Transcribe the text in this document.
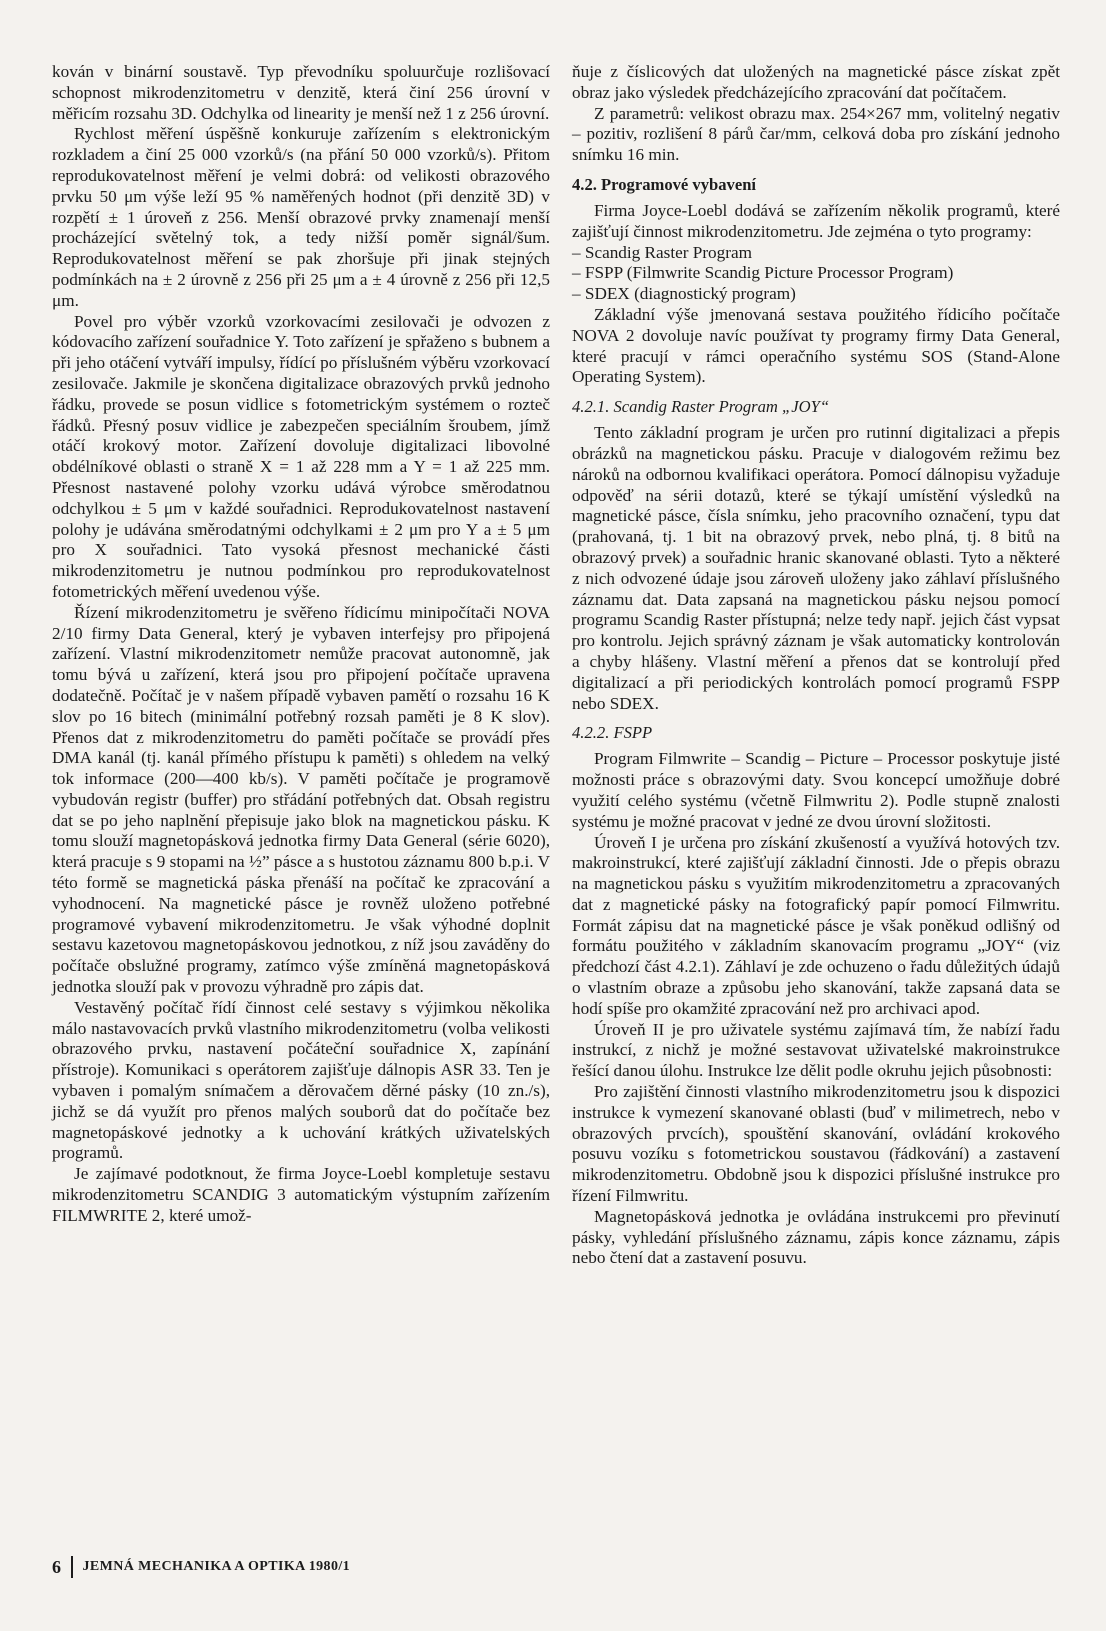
kován v binární soustavě. Typ převodníku spoluurčuje rozlišovací schopnost mikrodenzitometru v denzitě, která činí 256 úrovní v měřicím rozsahu 3D. Odchylka od linearity je menší než 1 z 256 úrovní.

Rychlost měření úspěšně konkuruje zařízením s elektronickým rozkladem a činí 25 000 vzorků/s (na přání 50 000 vzorků/s). Přitom reprodukovatelnost měření je velmi dobrá: od velikosti obrazového prvku 50 μm výše leží 95 % naměřených hodnot (při denzitě 3D) v rozpětí ± 1 úroveň z 256. Menší obrazové prvky znamenají menší procházející světelný tok, a tedy nižší poměr signál/šum. Reprodukovatelnost měření se pak zhoršuje při jinak stejných podmínkách na ± 2 úrovně z 256 při 25 μm a ± 4 úrovně z 256 při 12,5 μm.

Povel pro výběr vzorků vzorkovacími zesilovači je odvozen z kódovacího zařízení souřadnice Y. Toto zařízení je spřaženo s bubnem a při jeho otáčení vytváří impulsy, řídící po příslušném výběru vzorkovací zesilovače. Jakmile je skončena digitalizace obrazových prvků jednoho řádku, provede se posun vidlice s fotometrickým systémem o rozteč řádků. Přesný posuv vidlice je zabezpečen speciálním šroubem, jímž otáčí krokový motor. Zařízení dovoluje digitalizaci libovolné obdélníkové oblasti o straně X = 1 až 228 mm a Y = 1 až 225 mm. Přesnost nastavené polohy vzorku udává výrobce směrodatnou odchylkou ± 5 μm v každé souřadnici. Reprodukovatelnost nastavení polohy je udávána směrodatnými odchylkami ± 2 μm pro Y a ± 5 μm pro X souřadnici. Tato vysoká přesnost mechanické části mikrodenzitometru je nutnou podmínkou pro reprodukovatelnost fotometrických měření uvedenou výše.

Řízení mikrodenzitometru je svěřeno řídicímu minipočítači NOVA 2/10 firmy Data General, který je vybaven interfejsy pro připojená zařízení. Vlastní mikrodenzitometr nemůže pracovat autonomně, jak tomu bývá u zařízení, která jsou pro připojení počítače upravena dodatečně. Počítač je v našem případě vybaven pamětí o rozsahu 16 K slov po 16 bitech (minimální potřebný rozsah paměti je 8 K slov). Přenos dat z mikrodenzitometru do paměti počítače se provádí přes DMA kanál (tj. kanál přímého přístupu k paměti) s ohledem na velký tok informace (200—400 kb/s). V paměti počítače je programově vybudován registr (buffer) pro střádání potřebných dat. Obsah registru dat se po jeho naplnění přepisuje jako blok na magnetickou pásku. K tomu slouží magnetopásková jednotka firmy Data General (série 6020), která pracuje s 9 stopami na ½” pásce a s hustotou záznamu 800 b.p.i. V této formě se magnetická páska přenáší na počítač ke zpracování a vyhodnocení. Na magnetické pásce je rovněž uloženo potřebné programové vybavení mikrodenzitometru. Je však výhodné doplnit sestavu kazetovou magnetopáskovou jednotkou, z níž jsou zaváděny do počítače obslužné programy, zatímco výše zmíněná magnetopásková jednotka slouží pak v provozu výhradně pro zápis dat.

Vestavěný počítač řídí činnost celé sestavy s výjimkou několika málo nastavovacích prvků vlastního mikrodenzitometru (volba velikosti obrazového prvku, nastavení počáteční souřadnice X, zapínání přístroje). Komunikaci s operátorem zajišťuje dálnopis ASR 33. Ten je vybaven i pomalým snímačem a děrovačem děrné pásky (10 zn./s), jichž se dá využít pro přenos malých souborů dat do počítače bez magnetopáskové jednotky a k uchování krátkých uživatelských programů.

Je zajímavé podotknout, že firma Joyce-Loebl kompletuje sestavu mikrodenzitometru SCANDIG 3 automatickým výstupním zařízením FILMWRITE 2, které umož-

ňuje z číslicových dat uložených na magnetické pásce získat zpět obraz jako výsledek předcházejícího zpracování dat počítačem.

Z parametrů: velikost obrazu max. 254×267 mm, volitelný negativ – pozitiv, rozlišení 8 párů čar/mm, celková doba pro získání jednoho snímku 16 min.

4.2. Programové vybavení

Firma Joyce-Loebl dodává se zařízením několik programů, které zajišťují činnost mikrodenzitometru. Jde zejména o tyto programy:

– Scandig Raster Program
– FSPP (Filmwrite Scandig Picture Processor Program)
– SDEX (diagnostický program)

Základní výše jmenovaná sestava použitého řídicího počítače NOVA 2 dovoluje navíc používat ty programy firmy Data General, které pracují v rámci operačního systému SOS (Stand-Alone Operating System).

4.2.1. Scandig Raster Program „JOY“

Tento základní program je určen pro rutinní digitalizaci a přepis obrázků na magnetickou pásku. Pracuje v dialogovém režimu bez nároků na odbornou kvalifikaci operátora. Pomocí dálnopisu vyžaduje odpověď na sérii dotazů, které se týkají umístění výsledků na magnetické pásce, čísla snímku, jeho pracovního označení, typu dat (prahovaná, tj. 1 bit na obrazový prvek, nebo plná, tj. 8 bitů na obrazový prvek) a souřadnic hranic skanované oblasti. Tyto a některé z nich odvozené údaje jsou zároveň uloženy jako záhlaví příslušného záznamu dat. Data zapsaná na magnetickou pásku nejsou pomocí programu Scandig Raster přístupná; nelze tedy např. jejich část vypsat pro kontrolu. Jejich správný záznam je však automaticky kontrolován a chyby hlášeny. Vlastní měření a přenos dat se kontrolují před digitalizací a při periodických kontrolách pomocí programů FSPP nebo SDEX.

4.2.2. FSPP

Program Filmwrite – Scandig – Picture – Processor poskytuje jisté možnosti práce s obrazovými daty. Svou koncepcí umožňuje dobré využití celého systému (včetně Filmwritu 2). Podle stupně znalosti systému je možné pracovat v jedné ze dvou úrovní složitosti.

Úroveň I je určena pro získání zkušeností a využívá hotových tzv. makroinstrukcí, které zajišťují základní činnosti. Jde o přepis obrazu na magnetickou pásku s využitím mikrodenzitometru a zpracovaných dat z magnetické pásky na fotografický papír pomocí Filmwritu. Formát zápisu dat na magnetické pásce je však poněkud odlišný od formátu použitého v základním skanovacím programu „JOY“ (viz předchozí část 4.2.1). Záhlaví je zde ochuzeno o řadu důležitých údajů o vlastním obraze a způsobu jeho skanování, takže zapsaná data se hodí spíše pro okamžité zpracování než pro archivaci apod.

Úroveň II je pro uživatele systému zajímavá tím, že nabízí řadu instrukcí, z nichž je možné sestavovat uživatelské makroinstrukce řešící danou úlohu. Instrukce lze dělit podle okruhu jejich působnosti:

Pro zajištění činnosti vlastního mikrodenzitometru jsou k dispozici instrukce k vymezení skanované oblasti (buď v milimetrech, nebo v obrazových prvcích), spouštění skanování, ovládání krokového posuvu vozíku s fotometrickou soustavou (řádkování) a zastavení mikrodenzitometru. Obdobně jsou k dispozici příslušné instrukce pro řízení Filmwritu.

Magnetopásková jednotka je ovládána instrukcemi pro převinutí pásky, vyhledání příslušného záznamu, zápis konce záznamu, zápis nebo čtení dat a zastavení posuvu.

6 JEMNÁ MECHANIKA A OPTIKA 1980/1
